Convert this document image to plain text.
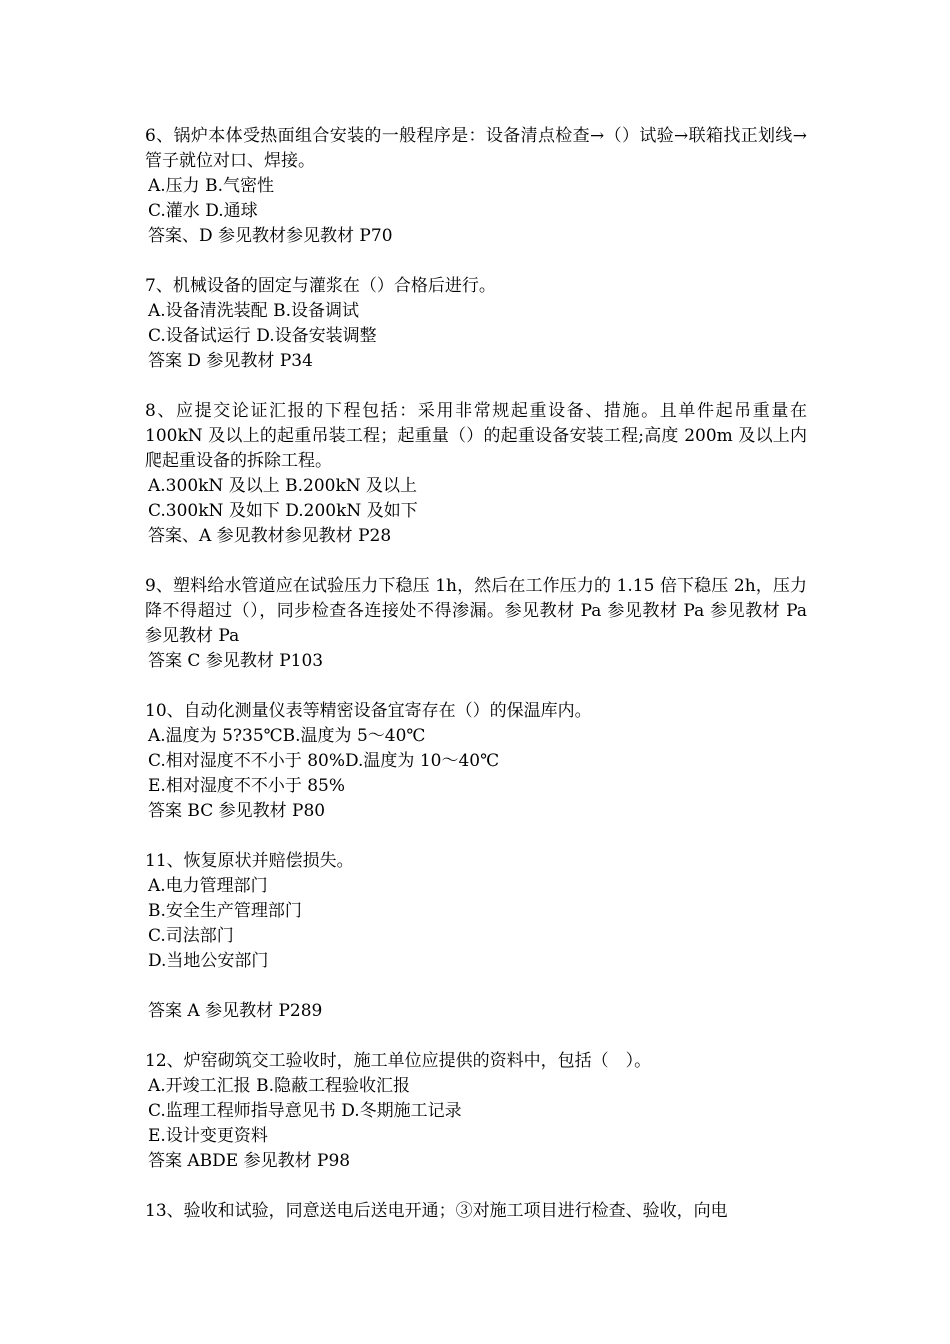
6、锅炉本体受热面组合安装的一般程序是：设备清点检查→（）试验→联箱找正划线→管子就位对口、焊接。

A.压力 B.气密性

C.灌水 D.通球

答案、D 参见教材参见教材 P70

7、机械设备的固定与灌浆在（）合格后进行。

A.设备清洗装配 B.设备调试

C.设备试运行 D.设备安装调整

答案 D 参见教材 P34

8、应提交论证汇报的下程包括：采用非常规起重设备、措施。且单件起吊重量在 100kN 及以上的起重吊装工程；起重量（）的起重设备安装工程;高度 200m 及以上内爬起重设备的拆除工程。

A.300kN 及以上 B.200kN 及以上

C.300kN 及如下 D.200kN 及如下

答案、A 参见教材参见教材 P28

9、塑料给水管道应在试验压力下稳压 1h，然后在工作压力的 1.15 倍下稳压 2h，压力降不得超过（），同步检查各连接处不得渗漏。参见教材 Pa 参见教材 Pa 参见教材 Pa 参见教材 Pa

答案 C 参见教材 P103

10、自动化测量仪表等精密设备宜寄存在（）的保温库内。

A.温度为 5?35℃B.温度为 5～40℃

C.相对湿度不不小于 80%D.温度为 10～40℃

E.相对湿度不不小于 85%

答案 BC 参见教材 P80

11、恢复原状并赔偿损失。

A.电力管理部门

B.安全生产管理部门

C.司法部门

D.当地公安部门

答案 A 参见教材 P289

12、炉窑砌筑交工验收时，施工单位应提供的资料中，包括（　）。

A.开竣工汇报 B.隐蔽工程验收汇报

C.监理工程师指导意见书 D.冬期施工记录

E.设计变更资料

答案 ABDE 参见教材 P98

13、验收和试验，同意送电后送电开通；③对施工项目进行检查、验收，向电
